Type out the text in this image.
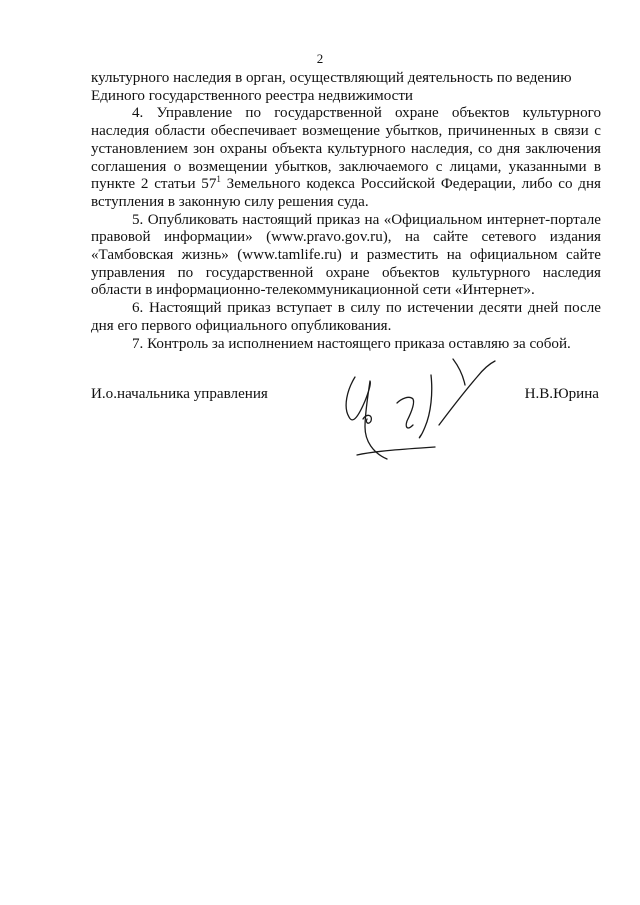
2

культурного наследия в орган, осуществляющий деятельность по ведению Единого государственного реестра недвижимости

4. Управление по государственной охране объектов культурного наследия области обеспечивает возмещение убытков, причиненных в связи с установлением зон охраны объекта культурного наследия, со дня заключения соглашения о возмещении убытков, заключаемого с лицами, указанными в пункте 2 статьи $57^1$ Земельного кодекса Российской Федерации, либо со дня вступления в законную силу решения суда.

5. Опубликовать настоящий приказ на «Официальном интернет-портале правовой информации» (www.pravo.gov.ru), на сайте сетевого издания «Тамбовская жизнь» (www.tamlife.ru) и разместить на официальном сайте управления по государственной охране объектов культурного наследия области в информационно-телекоммуникационной сети «Интернет».

6. Настоящий приказ вступает в силу по истечении десяти дней после дня его первого официального опубликования.

7. Контроль за исполнением настоящего приказа оставляю за собой.

И.о.начальника управления	Н.В.Юрина
